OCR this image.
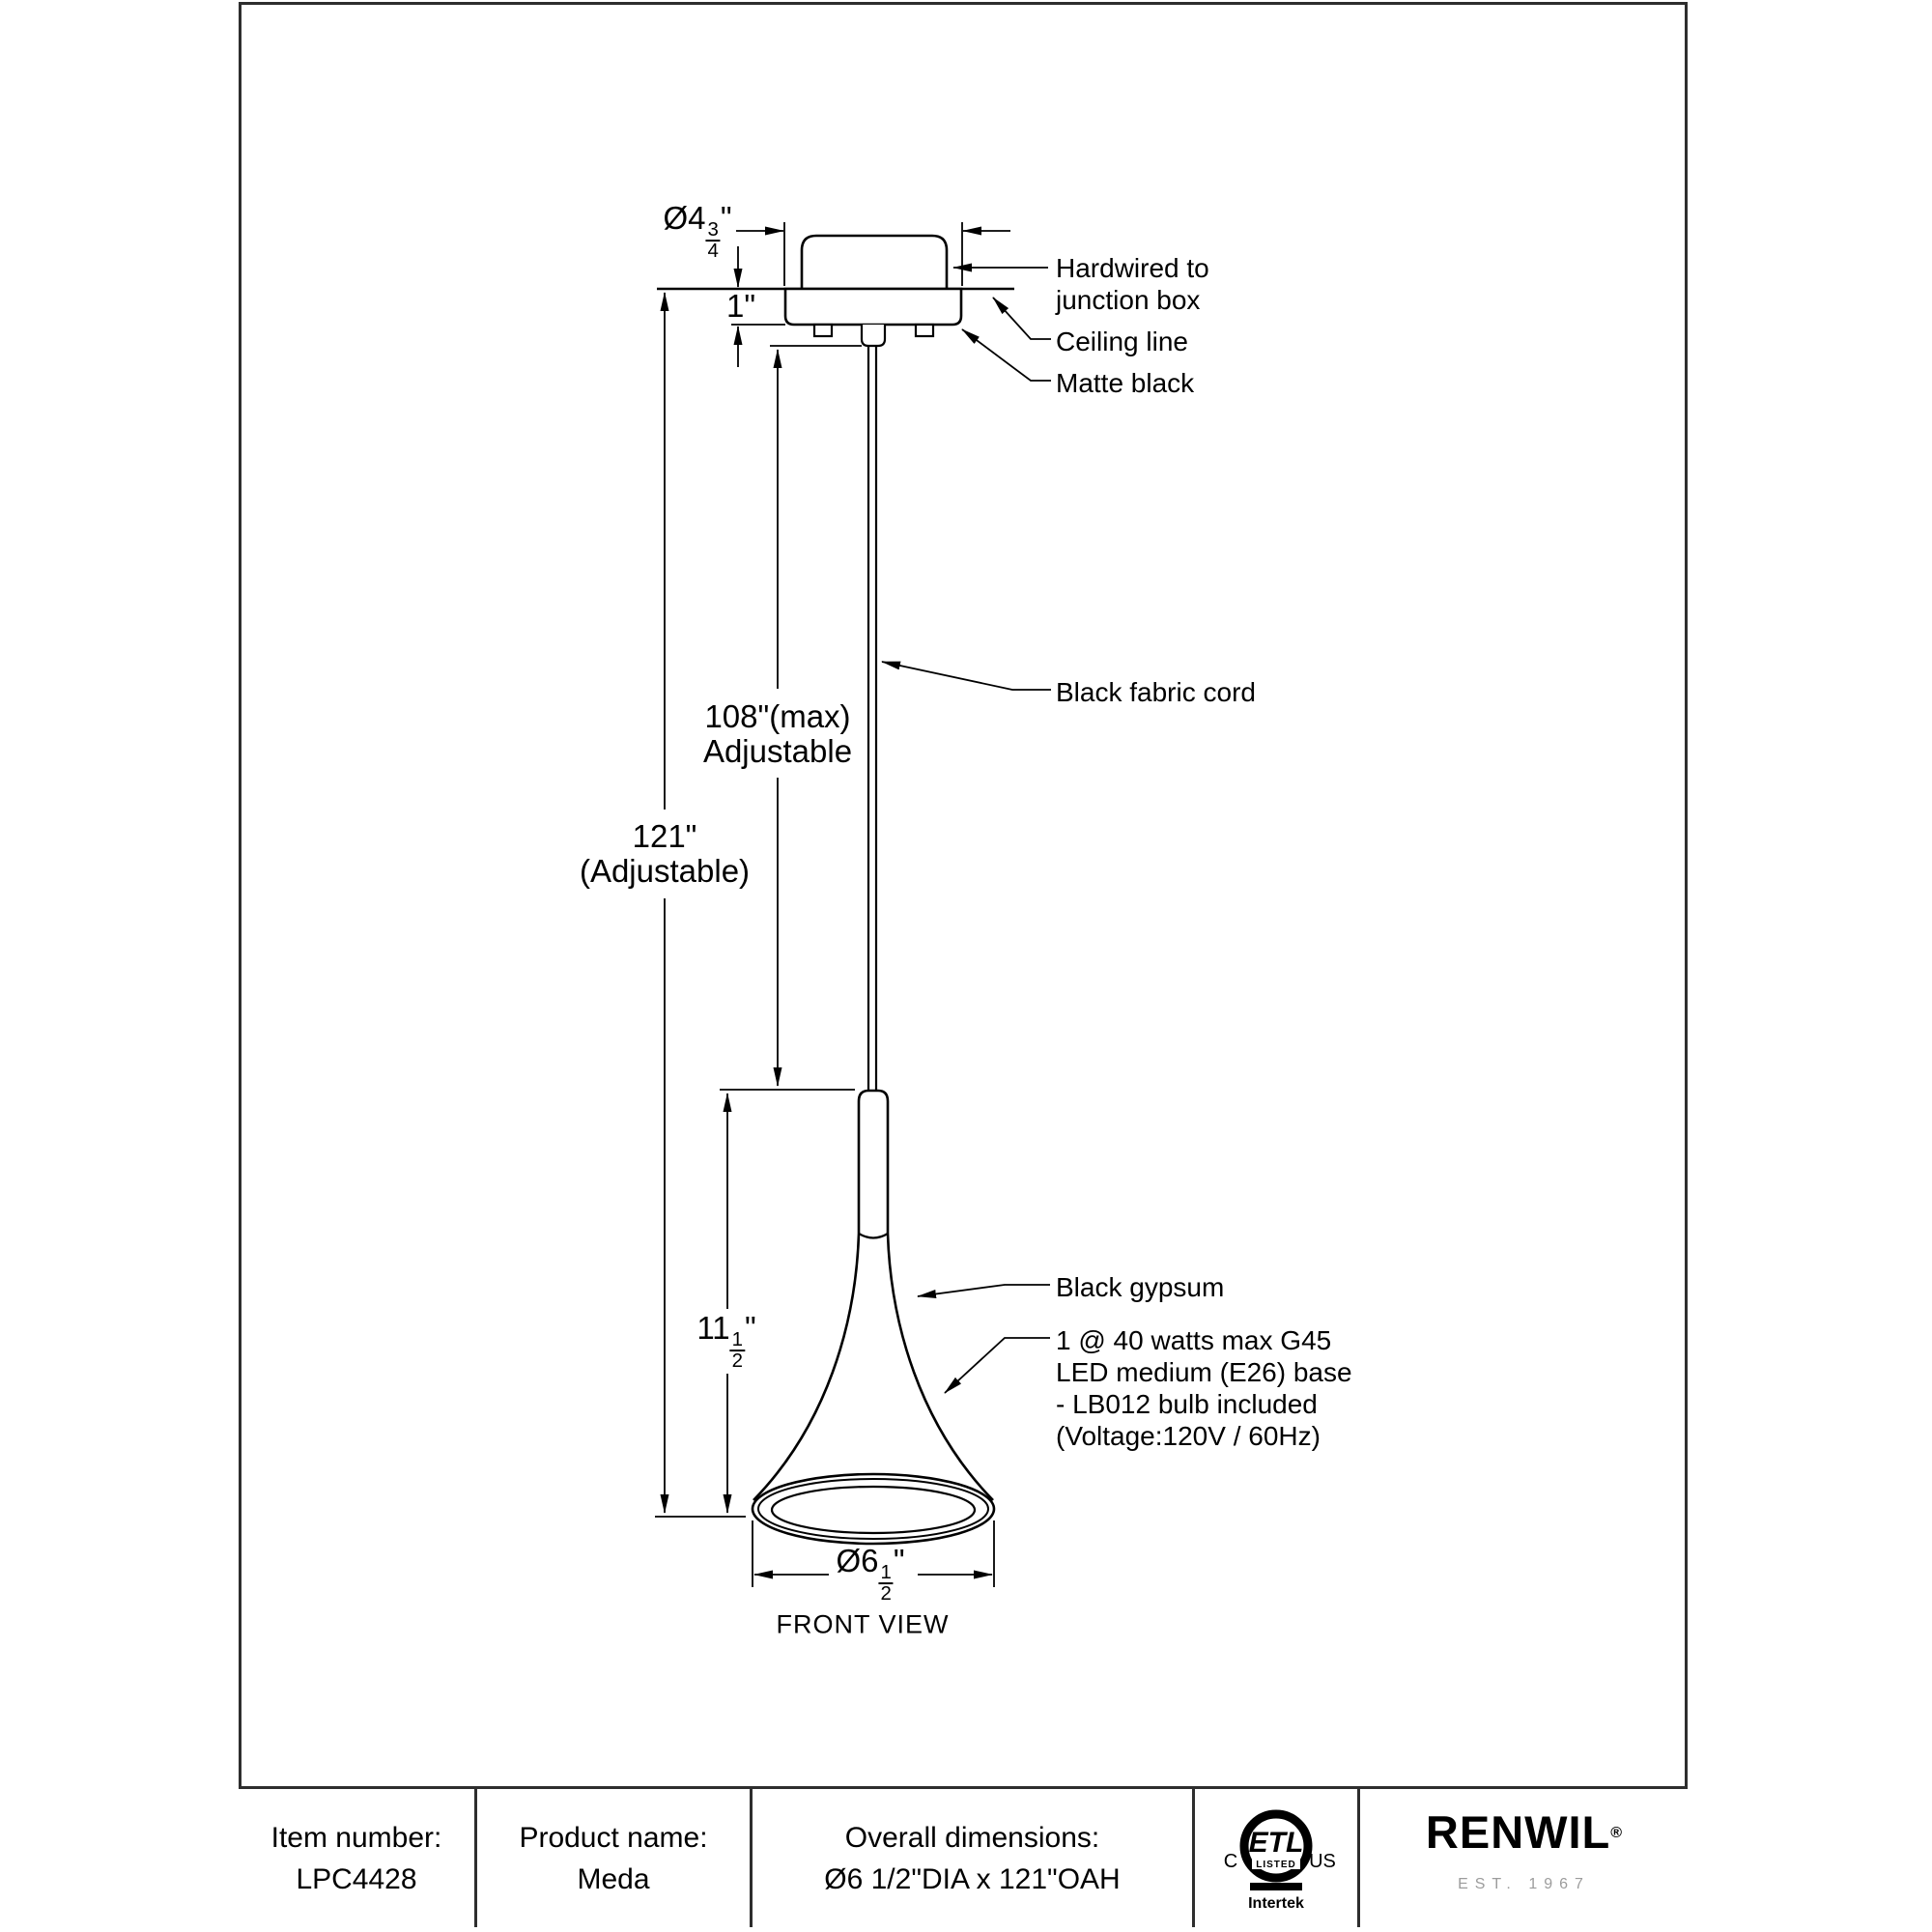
Ø4
$\frac{3}{4}$
"
1"
108"(max)
Adjustable
121"
(Adjustable)
11
$\frac{1}{2}$
"
Ø6
$\frac{1}{2}$
"
FRONT VIEW
Hardwired to
junction box
Ceiling line
Matte black
Black fabric cord
Black gypsum
1 @ 40 watts max G45
LED medium (E26) base
- LB012 bulb included
(Voltage:120V / 60Hz)
Item number:
LPC4428
Product name:
Meda
Overall dimensions:
Ø6 1/2"DIA x 121"OAH
ETL
LISTED
C	US
Intertek
RENWIL®
EST. 1967
